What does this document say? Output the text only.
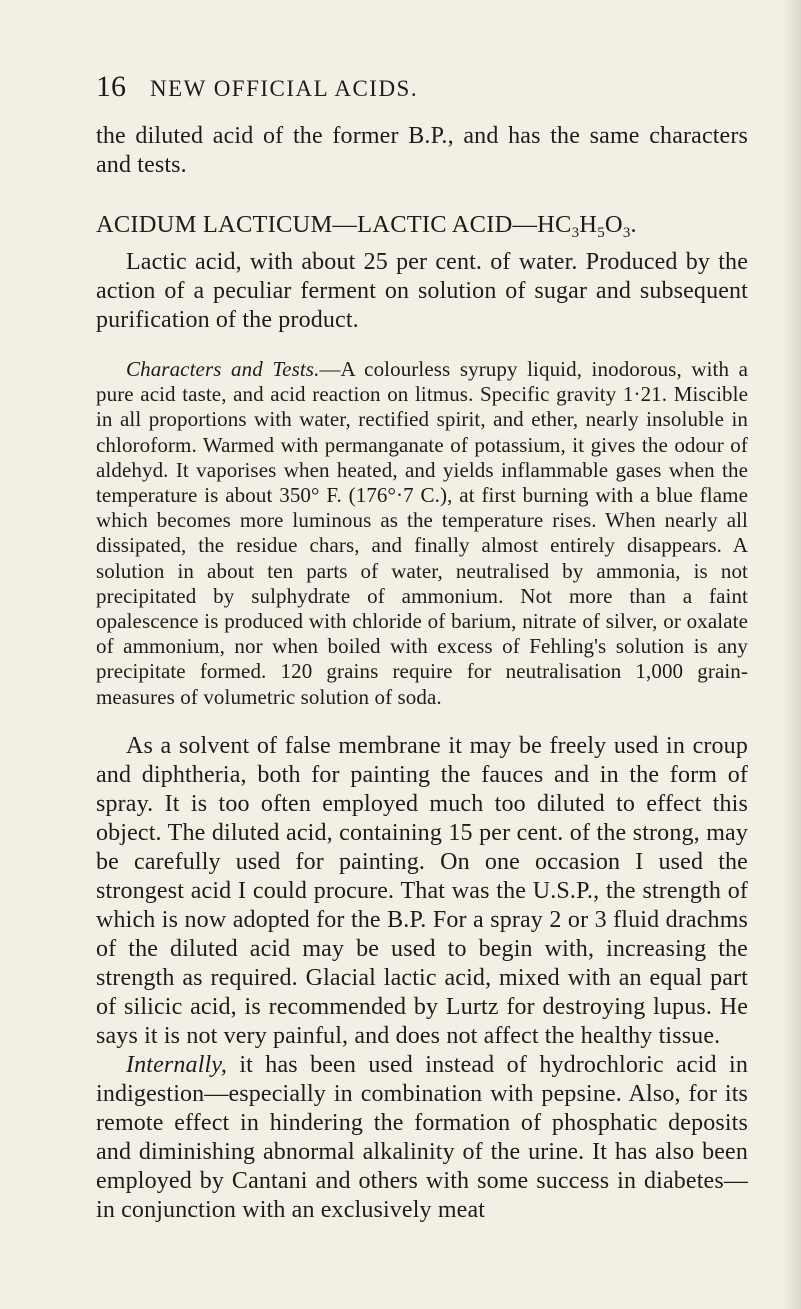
16 NEW OFFICIAL ACIDS.

the diluted acid of the former B.P., and has the same characters and tests.

ACIDUM LACTICUM—LACTIC $ACID—HC_3H_5O_3$.

Lactic acid, with about 25 per cent. of water. Produced by the action of a peculiar ferment on solution of sugar and subsequent purification of the product.

Characters and Tests.—A colourless syrupy liquid, inodorous, with a pure acid taste, and acid reaction on litmus. Specific gravity 1·21. Miscible in all proportions with water, rectified spirit, and ether, nearly insoluble in chloroform. Warmed with permanganate of potassium, it gives the odour of aldehyd. It vaporises when heated, and yields inflammable gases when the temperature is about 350° F. (176°·7 C.), at first burning with a blue flame which becomes more luminous as the temperature rises. When nearly all dissipated, the residue chars, and finally almost entirely disappears. A solution in about ten parts of water, neutralised by ammonia, is not precipitated by sulphydrate of ammonium. Not more than a faint opalescence is produced with chloride of barium, nitrate of silver, or oxalate of ammonium, nor when boiled with excess of Fehling's solution is any precipitate formed. 120 grains require for neutralisation 1,000 grain-measures of volumetric solution of soda.

As a solvent of false membrane it may be freely used in croup and diphtheria, both for painting the fauces and in the form of spray. It is too often employed much too diluted to effect this object. The diluted acid, containing 15 per cent. of the strong, may be carefully used for painting. On one occasion I used the strongest acid I could procure. That was the U.S.P., the strength of which is now adopted for the B.P. For a spray 2 or 3 fluid drachms of the diluted acid may be used to begin with, increasing the strength as required. Glacial lactic acid, mixed with an equal part of silicic acid, is recommended by Lurtz for destroying lupus. He says it is not very painful, and does not affect the healthy tissue.

Internally, it has been used instead of hydrochloric acid in indigestion—especially in combination with pepsine. Also, for its remote effect in hindering the formation of phosphatic deposits and diminishing abnormal alkalinity of the urine. It has also been employed by Cantani and others with some success in diabetes—in conjunction with an exclusively meat
